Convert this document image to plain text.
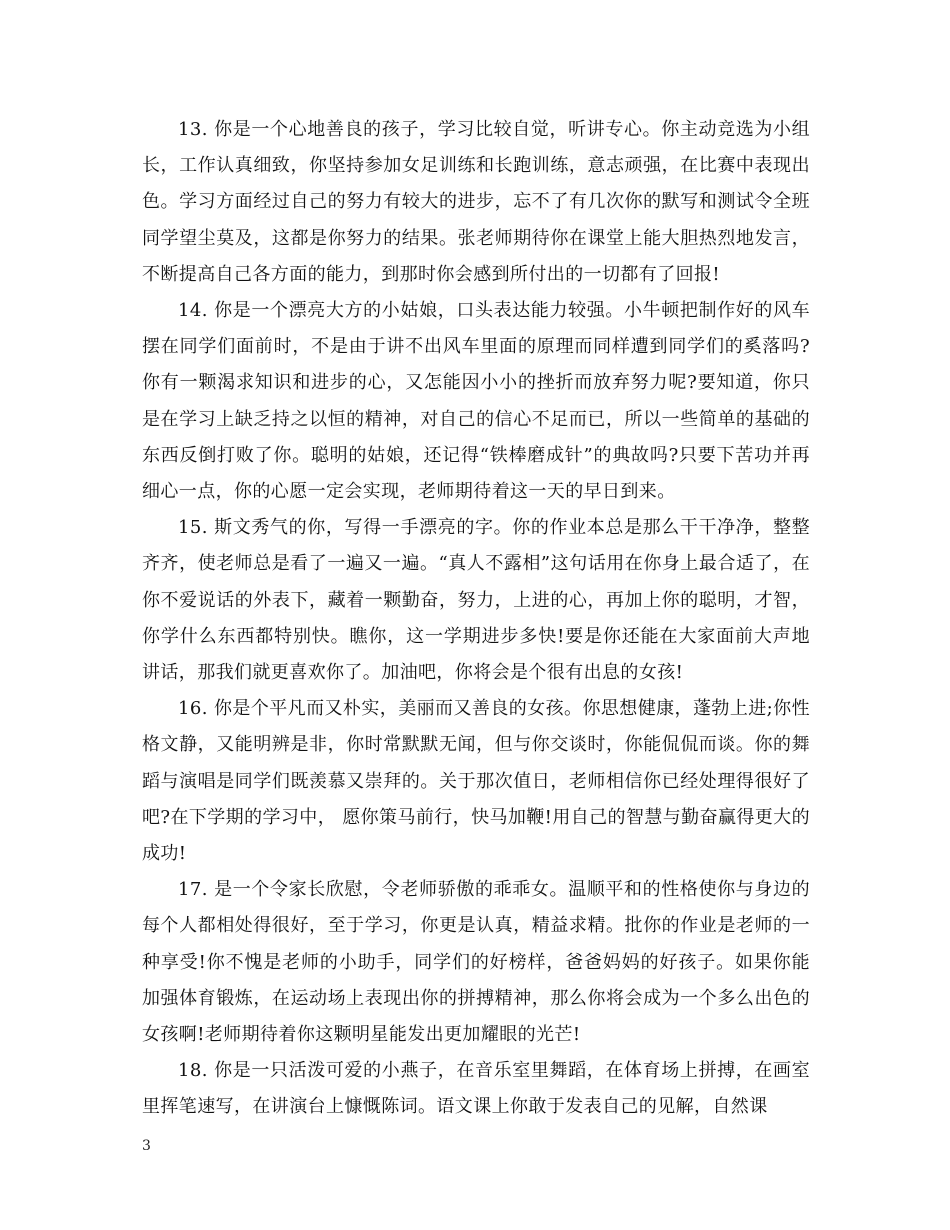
13. 你是一个心地善良的孩子，学习比较自觉，听讲专心。你主动竞选为小组长，工作认真细致，你坚持参加女足训练和长跑训练，意志顽强，在比赛中表现出色。学习方面经过自己的努力有较大的进步，忘不了有几次你的默写和测试令全班同学望尘莫及，这都是你努力的结果。张老师期待你在课堂上能大胆热烈地发言，不断提高自己各方面的能力，到那时你会感到所付出的一切都有了回报!

14. 你是一个漂亮大方的小姑娘，口头表达能力较强。小牛顿把制作好的风车摆在同学们面前时，不是由于讲不出风车里面的原理而同样遭到同学们的奚落吗?你有一颗渴求知识和进步的心，又怎能因小小的挫折而放弃努力呢?要知道，你只是在学习上缺乏持之以恒的精神，对自己的信心不足而已，所以一些简单的基础的东西反倒打败了你。聪明的姑娘，还记得“铁棒磨成针”的典故吗?只要下苦功并再细心一点，你的心愿一定会实现，老师期待着这一天的早日到来。

15. 斯文秀气的你，写得一手漂亮的字。你的作业本总是那么干干净净，整整齐齐，使老师总是看了一遍又一遍。“真人不露相”这句话用在你身上最合适了，在你不爱说话的外表下，藏着一颗勤奋，努力，上进的心，再加上你的聪明，才智，你学什么东西都特别快。瞧你，这一学期进步多快!要是你还能在大家面前大声地讲话，那我们就更喜欢你了。加油吧，你将会是个很有出息的女孩!

16. 你是个平凡而又朴实，美丽而又善良的女孩。你思想健康，蓬勃上进;你性格文静，又能明辨是非，你时常默默无闻，但与你交谈时，你能侃侃而谈。你的舞蹈与演唱是同学们既羡慕又崇拜的。关于那次值日，老师相信你已经处理得很好了吧?在下学期的学习中， 愿你策马前行，快马加鞭!用自己的智慧与勤奋赢得更大的成功!

17. 是一个令家长欣慰，令老师骄傲的乖乖女。温顺平和的性格使你与身边的每个人都相处得很好，至于学习，你更是认真，精益求精。批你的作业是老师的一种享受!你不愧是老师的小助手，同学们的好榜样，爸爸妈妈的好孩子。如果你能加强体育锻炼，在运动场上表现出你的拼搏精神，那么你将会成为一个多么出色的女孩啊!老师期待着你这颗明星能发出更加耀眼的光芒!

18. 你是一只活泼可爱的小燕子，在音乐室里舞蹈，在体育场上拼搏，在画室里挥笔速写，在讲演台上慷慨陈词。语文课上你敢于发表自己的见解，自然课

3
